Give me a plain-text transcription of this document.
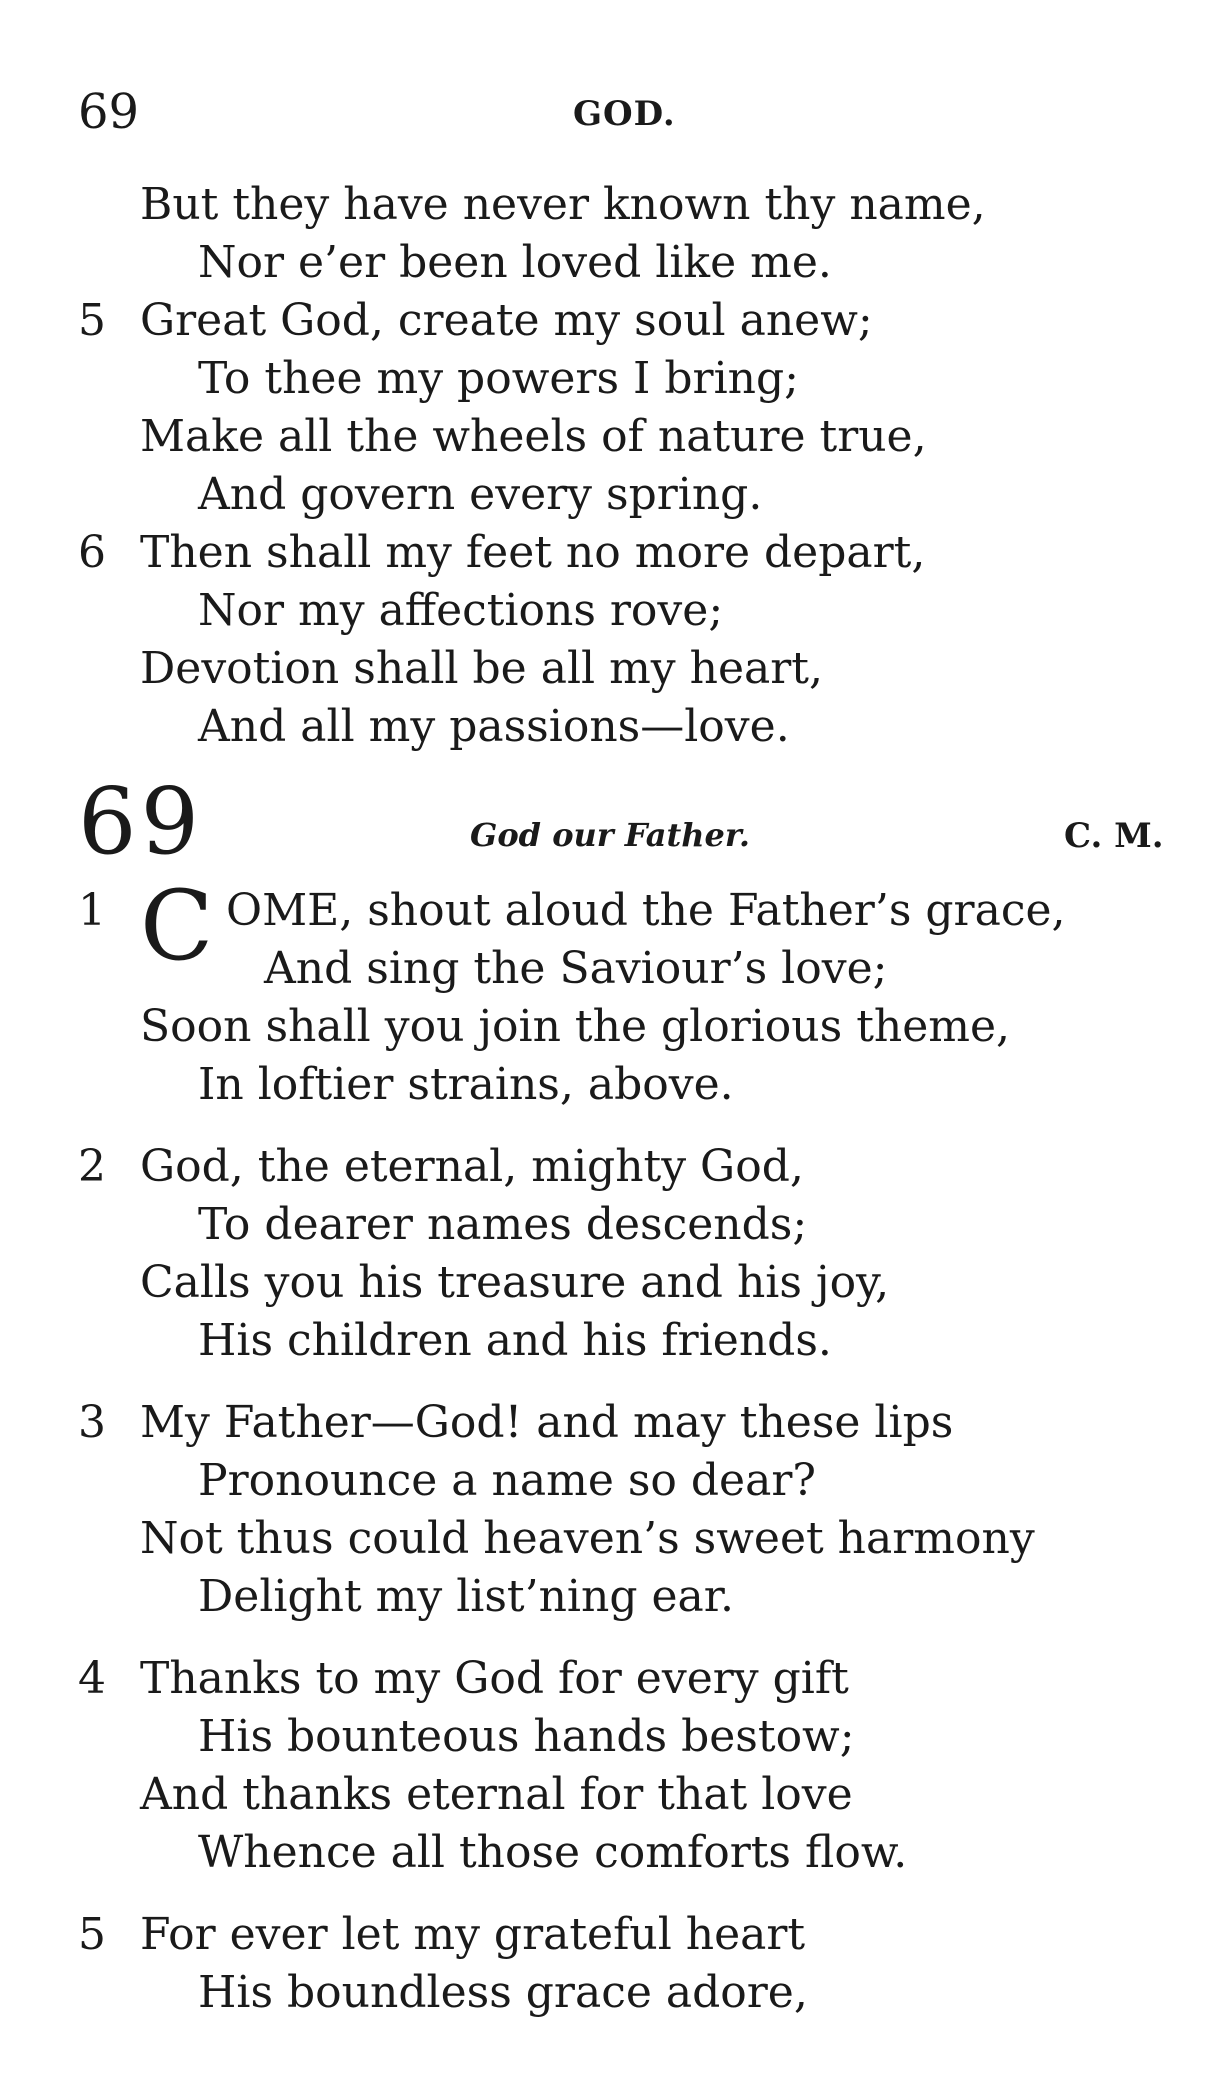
69	GOD.
But they have never known thy name,
Nor e’er been loved like me.
5 Great God, create my soul anew;
To thee my powers I bring;
Make all the wheels of nature true,
And govern every spring.
6 Then shall my feet no more depart,
Nor my affections rove;
Devotion shall be all my heart,
And all my passions—love.
69	God our Father.	C. M.
1 C OME, shout aloud the Father’s grace,
And sing the Saviour’s love;
Soon shall you join the glorious theme,
In loftier strains, above.
2 God, the eternal, mighty God,
To dearer names descends;
Calls you his treasure and his joy,
His children and his friends.
3 My Father—God! and may these lips
Pronounce a name so dear?
Not thus could heaven’s sweet harmony
Delight my list’ning ear.
4 Thanks to my God for every gift
His bounteous hands bestow;
And thanks eternal for that love
Whence all those comforts flow.
5 For ever let my grateful heart
His boundless grace adore,
